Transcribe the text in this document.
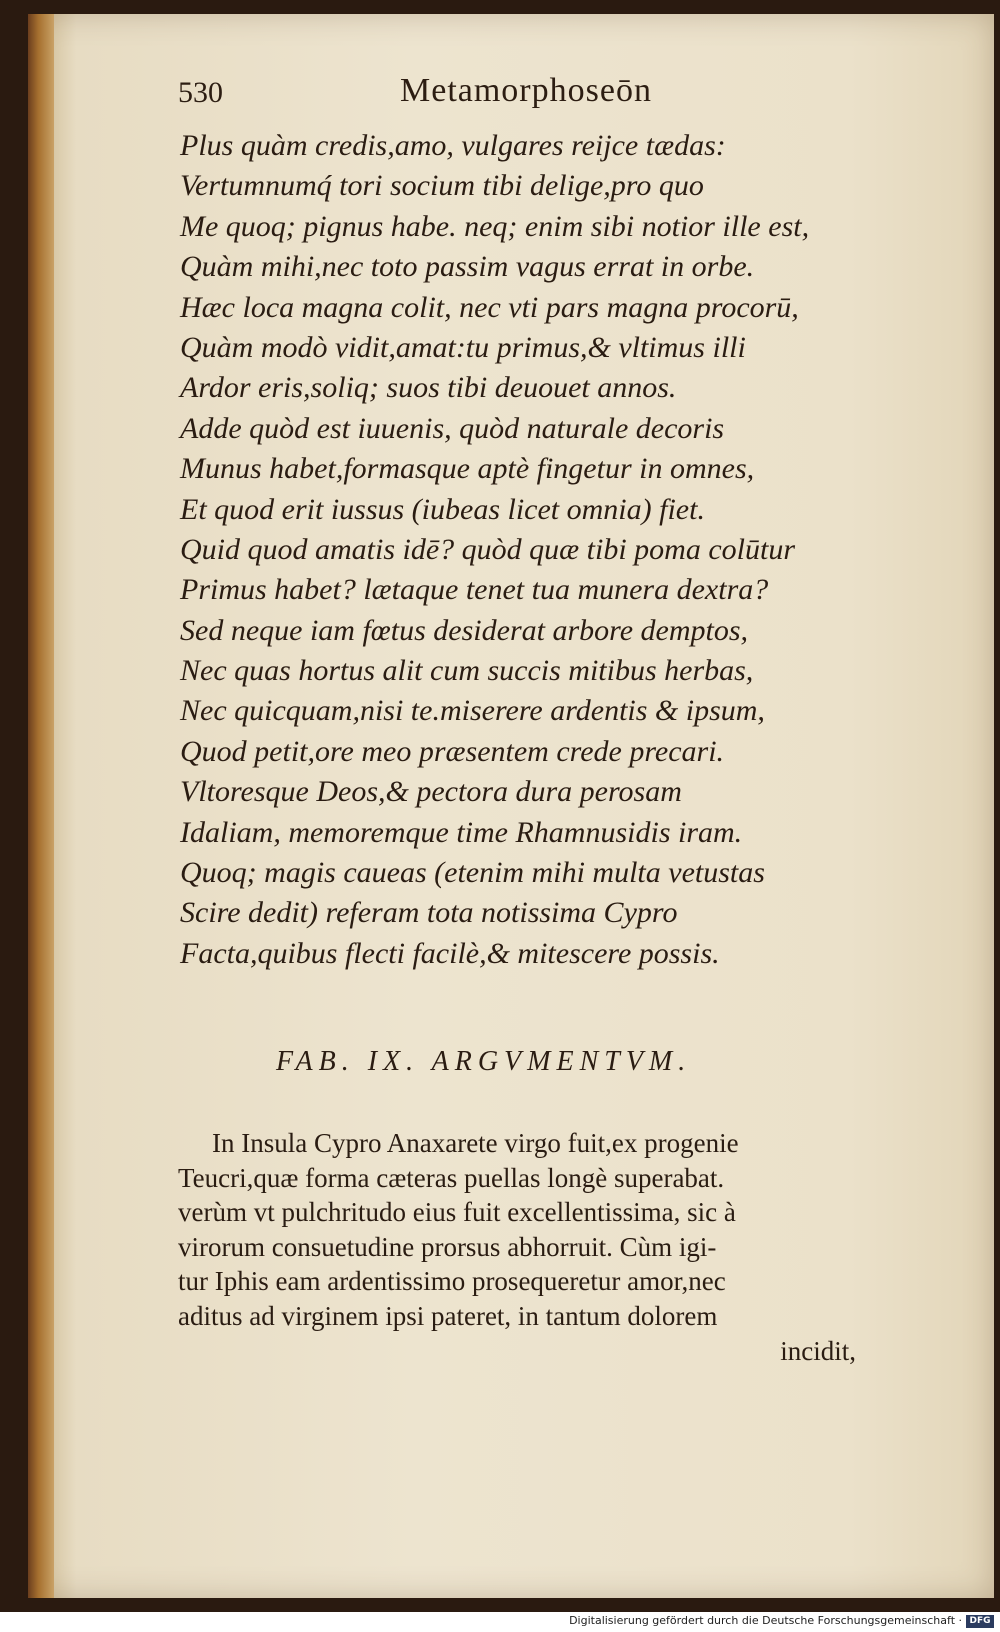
530	Metamorphoseōn
Plus quàm credis,amo, vulgares reijce tædas:
Vertumnumq́ tori socium tibi delige,pro quo
Me quoq; pignus habe. neq; enim sibi notior ille est,
Quàm mihi,nec toto passim vagus errat in orbe.
Hæc loca magna colit, nec vti pars magna procorū,
Quàm modò vidit,amat:tu primus,& vltimus illi
Ardor eris,soliq; suos tibi deuouet annos.
Adde quòd est iuuenis, quòd naturale decoris
Munus habet,formasque aptè fingetur in omnes,
Et quod erit iussus (iubeas licet omnia) fiet.
Quid quod amatis idē? quòd quæ tibi poma colūtur
Primus habet? lætaque tenet tua munera dextra?
Sed neque iam fœtus desiderat arbore demptos,
Nec quas hortus alit cum succis mitibus herbas,
Nec quicquam,nisi te.miserere ardentis & ipsum,
Quod petit,ore meo præsentem crede precari.
Vltoresque Deos,& pectora dura perosam
Idaliam, memoremque time Rhamnusidis iram.
Quoq; magis caueas (etenim mihi multa vetustas
Scire dedit) referam tota notissima Cypro
Facta,quibus flecti facilè,& mitescere possis.
FAB. IX. ARGVMENTVM.
In Insula Cypro Anaxarete virgo fuit,ex progenie
Teucri,quæ forma cæteras puellas longè superabat.
verùm vt pulchritudo eius fuit excellentissima, sic à
virorum consuetudine prorsus abhorruit. Cùm igi-
tur Iphis eam ardentissimo prosequeretur amor,nec
aditus ad virginem ipsi pateret, in tantum dolorem
incidit,
Digitalisierung gefördert durch die Deutsche Forschungsgemeinschaft · DFG
